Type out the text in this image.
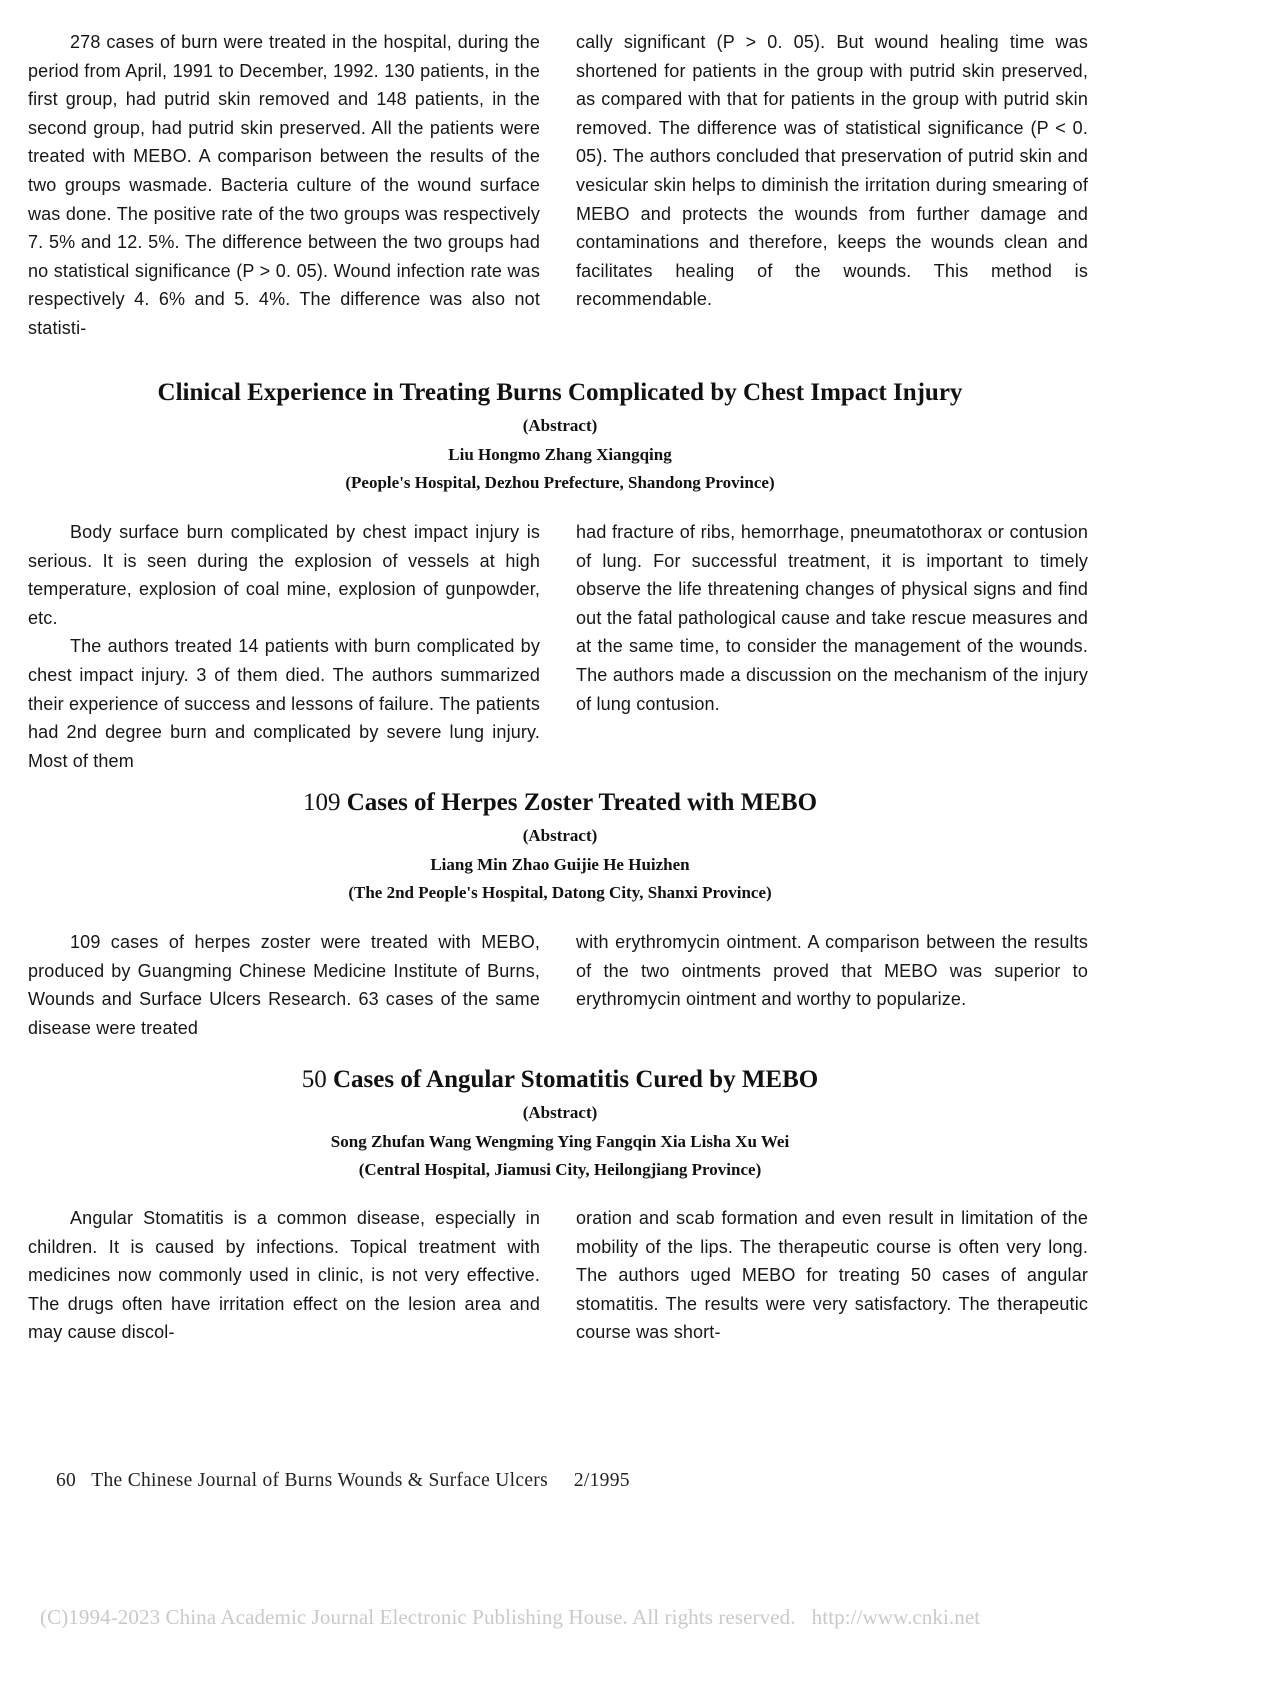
278 cases of burn were treated in the hospital, during the period from April, 1991 to December, 1992. 130 patients, in the first group, had putrid skin removed and 148 patients, in the second group, had putrid skin preserved. All the patients were treated with MEBO. A comparison between the results of the two groups wasmade. Bacteria culture of the wound surface was done. The positive rate of the two groups was respectively 7. 5% and 12. 5%. The difference between the two groups had no statistical significance (P > 0. 05). Wound infection rate was respectively 4. 6% and 5. 4%. The difference was also not statisti-

cally significant (P > 0. 05). But wound healing time was shortened for patients in the group with putrid skin preserved, as compared with that for patients in the group with putrid skin removed. The difference was of statistical significance (P < 0. 05). The authors concluded that preservation of putrid skin and vesicular skin helps to diminish the irritation during smearing of MEBO and protects the wounds from further damage and contaminations and therefore, keeps the wounds clean and facilitates healing of the wounds. This method is recommendable.

Clinical Experience in Treating Burns Complicated by Chest Impact Injury
(Abstract)
Liu Hongmo Zhang Xiangqing
(People's Hospital, Dezhou Prefecture, Shandong Province)

Body surface burn complicated by chest impact injury is serious. It is seen during the explosion of vessels at high temperature, explosion of coal mine, explosion of gunpowder, etc.

The authors treated 14 patients with burn complicated by chest impact injury. 3 of them died. The authors summarized their experience of success and lessons of failure. The patients had 2nd degree burn and complicated by severe lung injury. Most of them

had fracture of ribs, hemorrhage, pneumatothorax or contusion of lung. For successful treatment, it is important to timely observe the life threatening changes of physical signs and find out the fatal pathological cause and take rescue measures and at the same time, to consider the management of the wounds. The authors made a discussion on the mechanism of the injury of lung contusion.

109 Cases of Herpes Zoster Treated with MEBO
(Abstract)
Liang Min Zhao Guijie He Huizhen
(The 2nd People's Hospital, Datong City, Shanxi Province)

109 cases of herpes zoster were treated with MEBO, produced by Guangming Chinese Medicine Institute of Burns, Wounds and Surface Ulcers Research. 63 cases of the same disease were treated

with erythromycin ointment. A comparison between the results of the two ointments proved that MEBO was superior to erythromycin ointment and worthy to popularize.

50 Cases of Angular Stomatitis Cured by MEBO
(Abstract)
Song Zhufan Wang Wengming Ying Fangqin Xia Lisha Xu Wei
(Central Hospital, Jiamusi City, Heilongjiang Province)

Angular Stomatitis is a common disease, especially in children. It is caused by infections. Topical treatment with medicines now commonly used in clinic, is not very effective. The drugs often have irritation effect on the lesion area and may cause discol-

oration and scab formation and even result in limitation of the mobility of the lips. The therapeutic course is often very long. The authors uged MEBO for treating 50 cases of angular stomatitis. The results were very satisfactory. The therapeutic course was short-

60 The Chinese Journal of Burns Wounds & Surface Ulcers 2/1995
(C)1994-2023 China Academic Journal Electronic Publishing House. All rights reserved. http://www.cnki.net
